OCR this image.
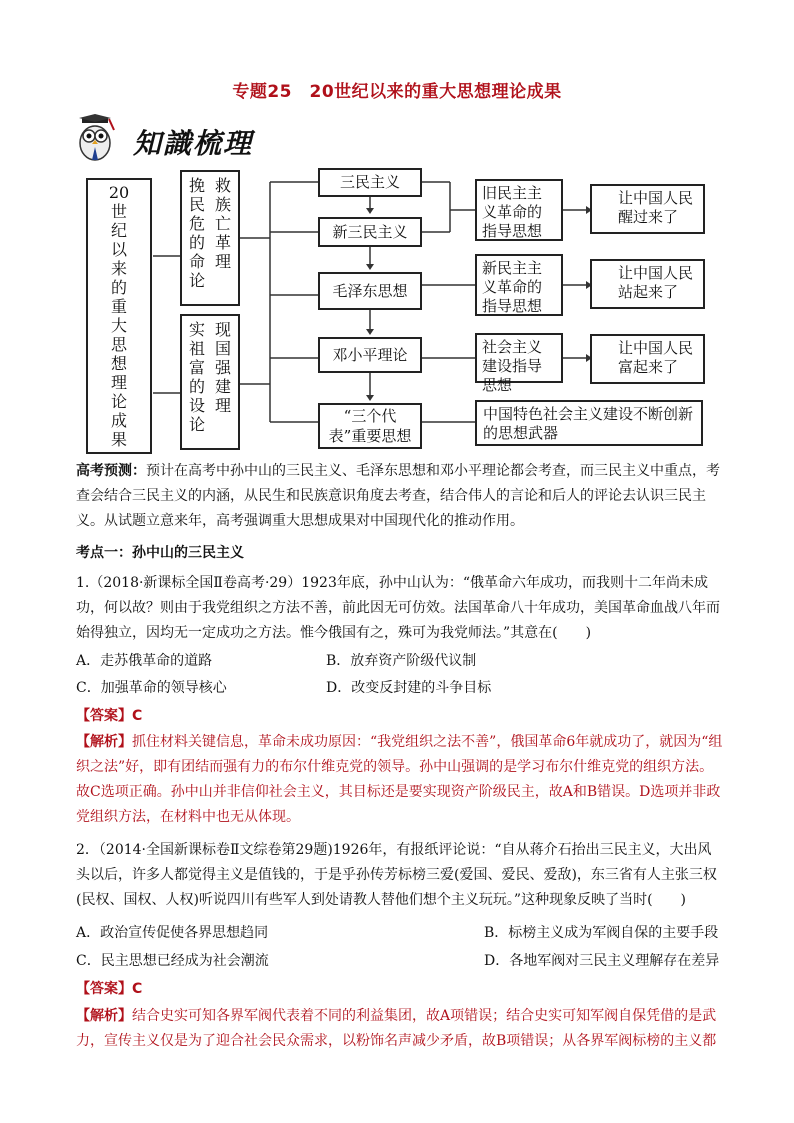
专题25　20世纪以来的重大思想理论成果
知識梳理
20
世
纪
以
来
的
重
大
思
想
理
论
成
果
挽 救
民 族
危 亡
的 革
命 理
论
实 现
祖 国
富 强
的 建
设 理
论
三民主义
新三民主义
毛泽东思想
邓小平理论
“三个代表”重要思想
旧民主主义革命的指导思想
新民主主义革命的指导思想
社会主义建设指导思想
中国特色社会主义建设不断创新的思想武器
让中国人民醒过来了
让中国人民站起来了
让中国人民富起来了
高考预测：预计在高考中孙中山的三民主义、毛泽东思想和邓小平理论都会考查，而三民主义中重点，考查会结合三民主义的内涵，从民生和民族意识角度去考查，结合伟人的言论和后人的评论去认识三民主义。从试题立意来年，高考强调重大思想成果对中国现代化的推动作用。
考点一：孙中山的三民主义
1.（2018·新课标全国Ⅱ卷高考·29）1923年底，孙中山认为：“俄革命六年成功，而我则十二年尚未成功，何以故？则由于我党组织之方法不善，前此因无可仿效。法国革命八十年成功，美国革命血战八年而始得独立，因均无一定成功之方法。惟今俄国有之，殊可为我党师法。”其意在(　　)
A．走苏俄革命的道路	B．放弃资产阶级代议制
C．加强革命的领导核心	D．改变反封建的斗争目标
【答案】C
【解析】抓住材料关键信息，革命未成功原因：“我党组织之法不善”，俄国革命6年就成功了，就因为“组织之法”好，即有团结而强有力的布尔什维克党的领导。孙中山强调的是学习布尔什维克党的组织方法。故C选项正确。孙中山并非信仰社会主义，其目标还是要实现资产阶级民主，故A和B错误。D选项并非政党组织方法，在材料中也无从体现。
2．（2014·全国新课标卷Ⅱ文综卷第29题)1926年，有报纸评论说：“自从蒋介石抬出三民主义，大出风头以后，许多人都觉得主义是值钱的，于是乎孙传芳标榜三爱(爱国、爱民、爱敌)，东三省有人主张三权(民权、国权、人权)听说四川有些军人到处请教人替他们想个主义玩玩。”这种现象反映了当时(　　)
A．政治宣传促使各界思想趋同	B．标榜主义成为军阀自保的主要手段
C．民主思想已经成为社会潮流	D．各地军阀对三民主义理解存在差异
【答案】C
【解析】结合史实可知各界军阀代表着不同的利益集团，故A项错误；结合史实可知军阀自保凭借的是武力，宣传主义仅是为了迎合社会民众需求，以粉饰名声减少矛盾，故B项错误；从各界军阀标榜的主义都
